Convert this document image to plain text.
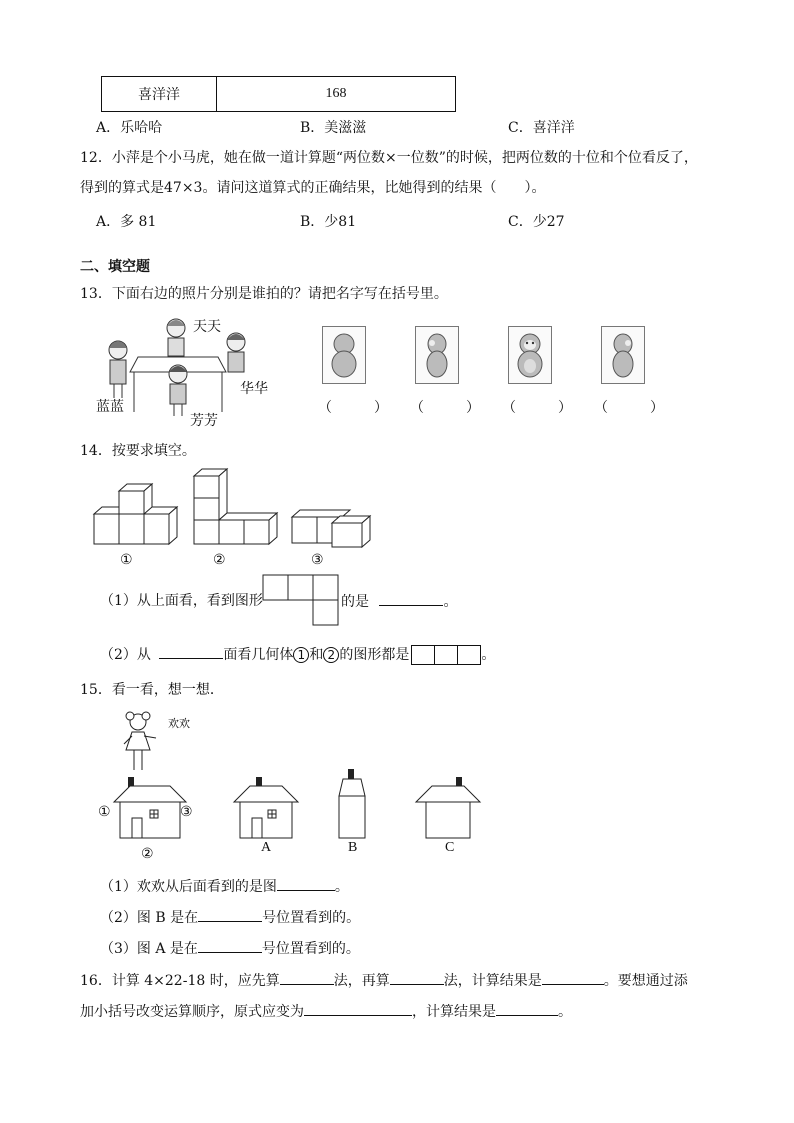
喜洋洋	168
A．乐哈哈	B．美滋滋	C．喜洋洋
12．小萍是个小马虎，她在做一道计算题“两位数×一位数”的时候，把两位数的十位和个位看反了，
得到的算式是47×3。请问这道算式的正确结果，比她得到的结果（　　）。
A．多 81	B．少81	C．少27
二、填空题
13．下面右边的照片分别是谁拍的？请把名字写在括号里。
天天
蓝蓝
华华
芳芳
（　　　） （　　　） （　　　） （　　　）
14．按要求填空。
①	②	③
（1）从上面看，看到图形	的是	。
（2）从	面看几何体 1 和 2 的图形都是	。
15．看一看，想一想．
欢欢
①	③
②	A	B	C
（1）欢欢从后面看到的是图	。
（2）图 B 是在	号位置看到的。
（3）图 A 是在	号位置看到的。
16．计算 4×22-18 时，应先算	法，再算	法，计算结果是	。要想通过添
加小括号改变运算顺序，原式应变为	，计算结果是	。
